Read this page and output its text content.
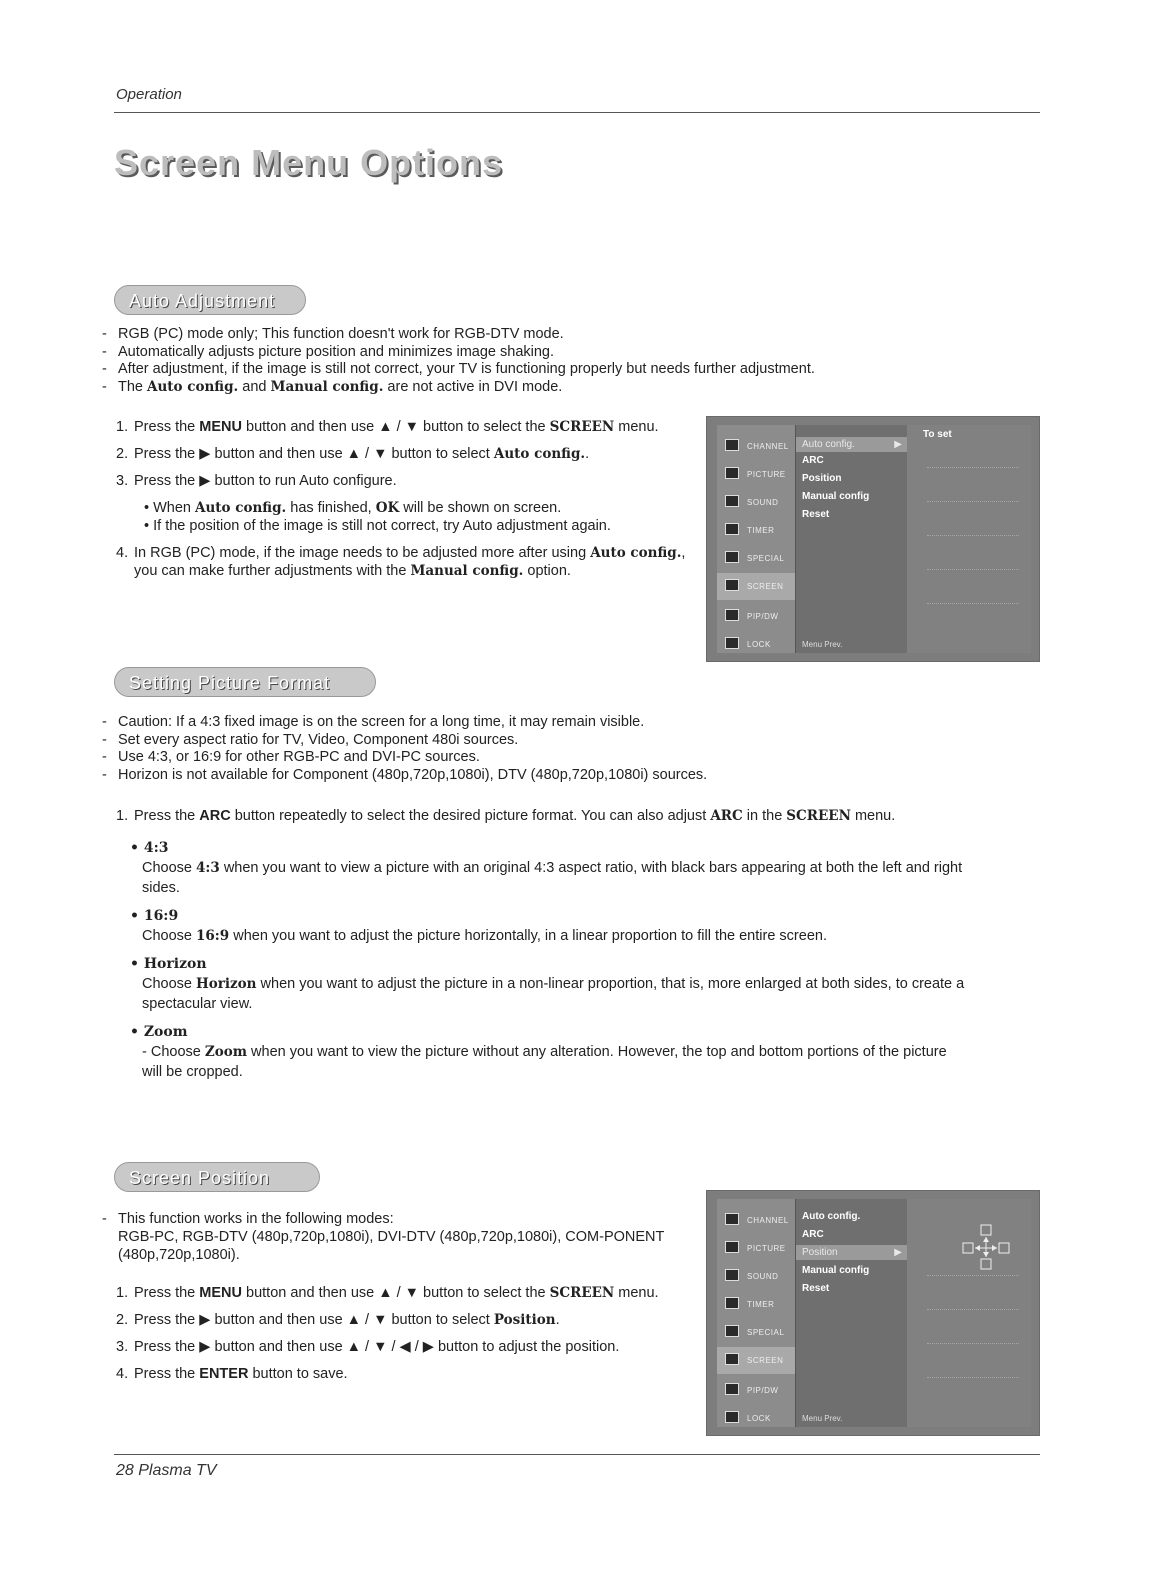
Operation
Screen Menu Options
Auto Adjustment
- RGB (PC) mode only; This function doesn't work for RGB-DTV mode.
- Automatically adjusts picture position and minimizes image shaking.
- After adjustment, if the image is still not correct, your TV is functioning properly but needs further adjustment.
- The Auto config. and Manual config. are not active in DVI mode.
1. Press the MENU button and then use ▲ / ▼ button to select the SCREEN menu.
2. Press the ▶ button and then use ▲ / ▼ button to select Auto config..
3. Press the ▶ button to run Auto configure.
• When Auto config. has finished, OK will be shown on screen.
• If the position of the image is still not correct, try Auto adjustment again.
4. In RGB (PC) mode, if the image needs to be adjusted more after using Auto config., you can make further adjustments with the Manual config. option.
CHANNEL
PICTURE
SOUND
TIMER
SPECIAL
SCREEN
PIP/DW
LOCK
Auto config.	▶
ARC
Position
Manual config
Reset
Menu Prev.
To set
Setting Picture Format
- Caution: If a 4:3 fixed image is on the screen for a long time, it may remain visible.
- Set every aspect ratio for TV, Video, Component 480i sources.
- Use 4:3, or 16:9 for other RGB-PC and DVI-PC sources.
- Horizon is not available for Component (480p,720p,1080i), DTV (480p,720p,1080i) sources.
1. Press the ARC button repeatedly to select the desired picture format. You can also adjust ARC in the SCREEN menu.
• 4:3
Choose 4:3 when you want to view a picture with an original 4:3 aspect ratio, with black bars appearing at both the left and right sides.
• 16:9
Choose 16:9 when you want to adjust the picture horizontally, in a linear proportion to fill the entire screen.
• Horizon
Choose Horizon when you want to adjust the picture in a non-linear proportion, that is, more enlarged at both sides, to create a spectacular view.
• Zoom
- Choose Zoom when you want to view the picture without any alteration. However, the top and bottom portions of the picture will be cropped.
Screen Position
- This function works in the following modes:
RGB-PC, RGB-DTV (480p,720p,1080i), DVI-DTV (480p,720p,1080i), COM-PONENT (480p,720p,1080i).
1. Press the MENU button and then use ▲ / ▼ button to select the SCREEN menu.
2. Press the ▶ button and then use ▲ / ▼ button to select Position.
3. Press the ▶ button and then use ▲ / ▼ / ◀ / ▶ button to adjust the position.
4. Press the ENTER button to save.
CHANNEL
PICTURE
SOUND
TIMER
SPECIAL
SCREEN
PIP/DW
LOCK
Auto config.
ARC
Position	▶
Manual config
Reset
Menu Prev.
28 Plasma TV
